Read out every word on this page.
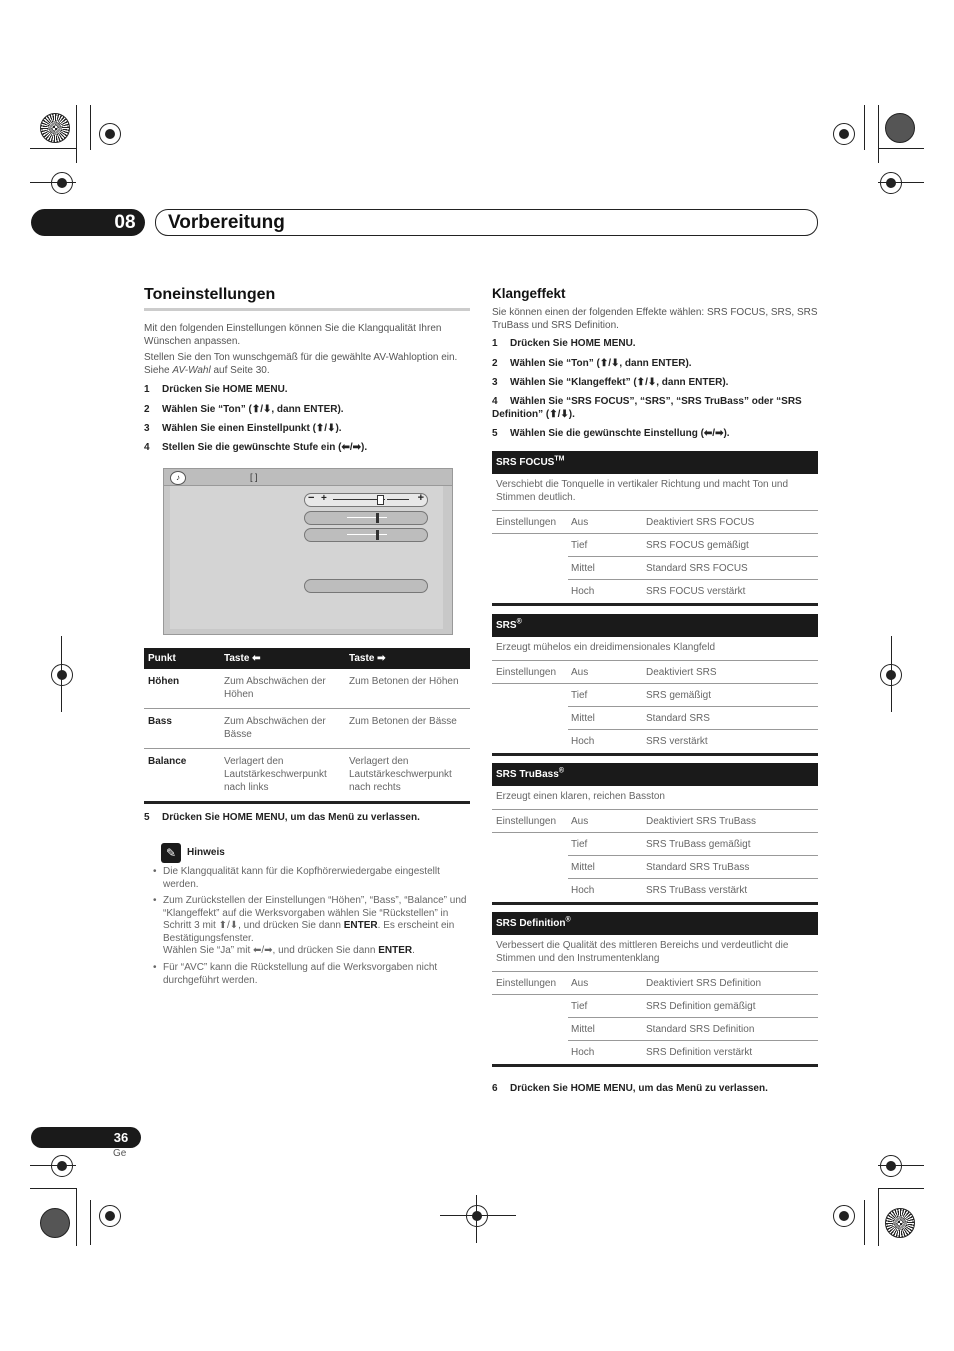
08	Vorbereitung
Toneinstellungen
Mit den folgenden Einstellungen können Sie die Klangqualität Ihren Wünschen anpassen.
Stellen Sie den Ton wunschgemäß für die gewählte AV-Wahloption ein. Siehe AV-Wahl auf Seite 30.
1 Drücken Sie HOME MENU.
2 Wählen Sie “Ton” (⬆/⬇, dann ENTER).
3 Wählen Sie einen Einstellpunkt (⬆/⬇).
4 Stellen Sie die gewünschte Stufe ein (⬅/➡).
♪	[ ]
− +	+
Punkt	Taste ⬅	Taste ➡
Höhen	Zum Abschwächen der Höhen	Zum Betonen der Höhen
Bass	Zum Abschwächen der Bässe	Zum Betonen der Bässe
Balance	Verlagert den Lautstärkeschwerpunkt nach links	Verlagert den Lautstärkeschwerpunkt nach rechts
5 Drücken Sie HOME MENU, um das Menü zu verlassen.
✎	Hinweis
• Die Klangqualität kann für die Kopfhörerwiedergabe eingestellt werden.
• Zum Zurückstellen der Einstellungen “Höhen”, “Bass”, “Balance” und “Klangeffekt” auf die Werksvorgaben wählen Sie “Rückstellen” in Schritt 3 mit ⬆/⬇, und drücken Sie dann ENTER. Es erscheint ein Bestätigungsfenster.
Wählen Sie “Ja” mit ⬅/➡, und drücken Sie dann ENTER.
• Für “AVC” kann die Rückstellung auf die Werksvorgaben nicht durchgeführt werden.
Klangeffekt
Sie können einen der folgenden Effekte wählen: SRS FOCUS, SRS, SRS TruBass und SRS Definition.
1 Drücken Sie HOME MENU.
2 Wählen Sie “Ton” (⬆/⬇, dann ENTER).
3 Wählen Sie “Klangeffekt” (⬆/⬇, dann ENTER).
4 Wählen Sie “SRS FOCUS”, “SRS”, “SRS TruBass” oder “SRS Definition” (⬆/⬇).
5 Wählen Sie die gewünschte Einstellung (⬅/➡).
SRS FOCUS™
Verschiebt die Tonquelle in vertikaler Richtung und macht Ton und Stimmen deutlich.
Einstellungen Aus	Deaktiviert SRS FOCUS
Tief	SRS FOCUS gemäßigt
Mittel	Standard SRS FOCUS
Hoch	SRS FOCUS verstärkt
SRS®
Erzeugt mühelos ein dreidimensionales Klangfeld
Einstellungen Aus	Deaktiviert SRS
Tief	SRS gemäßigt
Mittel	Standard SRS
Hoch	SRS verstärkt
SRS TruBass®
Erzeugt einen klaren, reichen Basston
Einstellungen Aus	Deaktiviert SRS TruBass
Tief	SRS TruBass gemäßigt
Mittel	Standard SRS TruBass
Hoch	SRS TruBass verstärkt
SRS Definition®
Verbessert die Qualität des mittleren Bereichs und verdeutlicht die Stimmen und den Instrumentenklang
Einstellungen Aus	Deaktiviert SRS Definition
Tief	SRS Definition gemäßigt
Mittel	Standard SRS Definition
Hoch	SRS Definition verstärkt
6 Drücken Sie HOME MENU, um das Menü zu verlassen.
36
Ge
